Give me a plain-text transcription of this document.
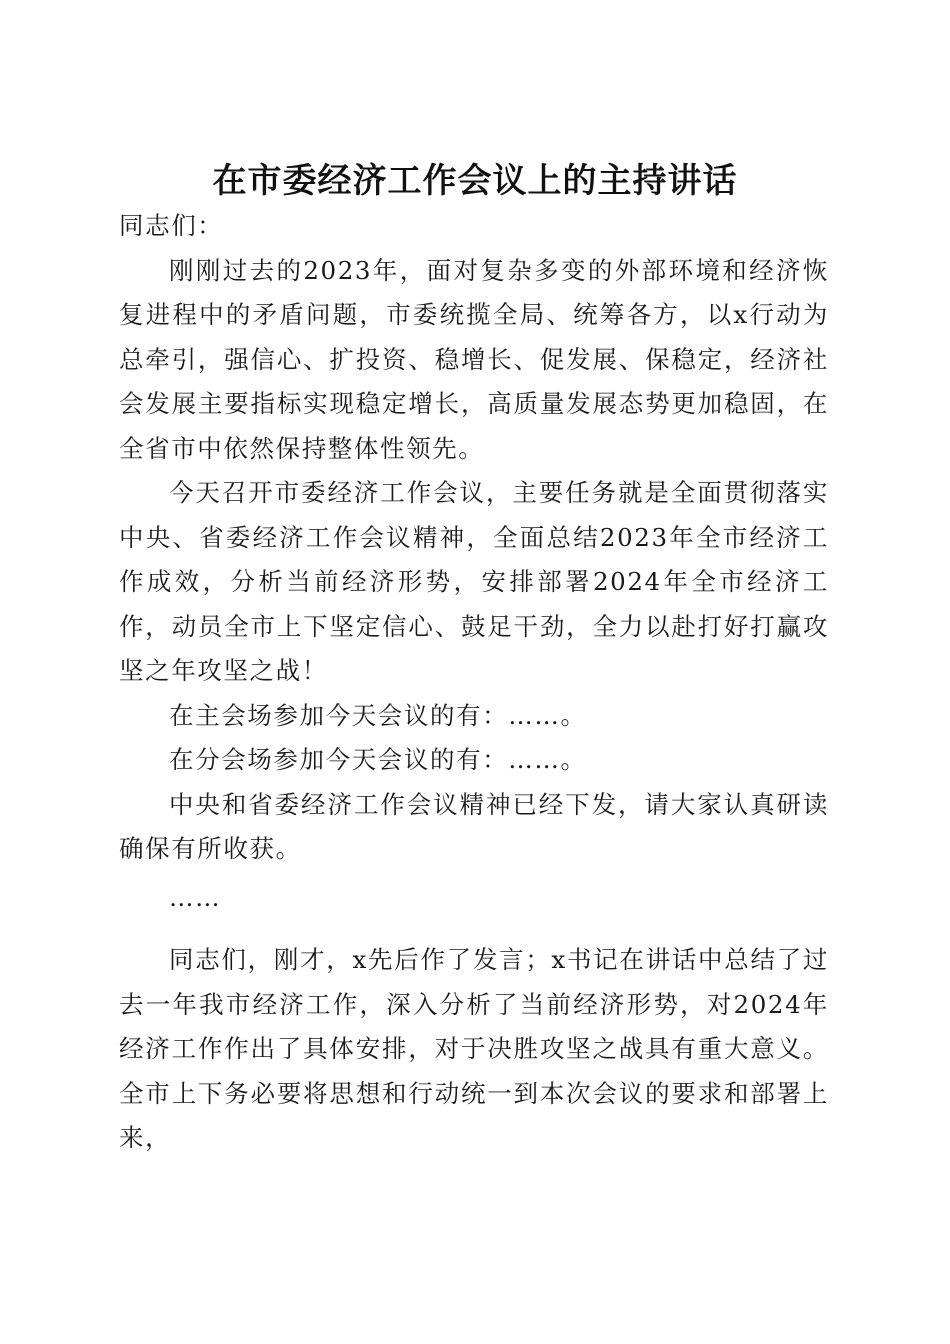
在市委经济工作会议上的主持讲话

同志们：

刚刚过去的2023年，面对复杂多变的外部环境和经济恢复进程中的矛盾问题，市委统揽全局、统筹各方，以x行动为总牵引，强信心、扩投资、稳增长、促发展、保稳定，经济社会发展主要指标实现稳定增长，高质量发展态势更加稳固，在全省市中依然保持整体性领先。

今天召开市委经济工作会议，主要任务就是全面贯彻落实中央、省委经济工作会议精神，全面总结2023年全市经济工作成效，分析当前经济形势，安排部署2024年全市经济工作，动员全市上下坚定信心、鼓足干劲，全力以赴打好打赢攻坚之年攻坚之战！

在主会场参加今天会议的有：……。

在分会场参加今天会议的有：……。

中央和省委经济工作会议精神已经下发，请大家认真研读确保有所收获。

……

同志们，刚才，x先后作了发言；x书记在讲话中总结了过去一年我市经济工作，深入分析了当前经济形势，对2024年经济工作作出了具体安排，对于决胜攻坚之战具有重大意义。全市上下务必要将思想和行动统一到本次会议的要求和部署上来，
